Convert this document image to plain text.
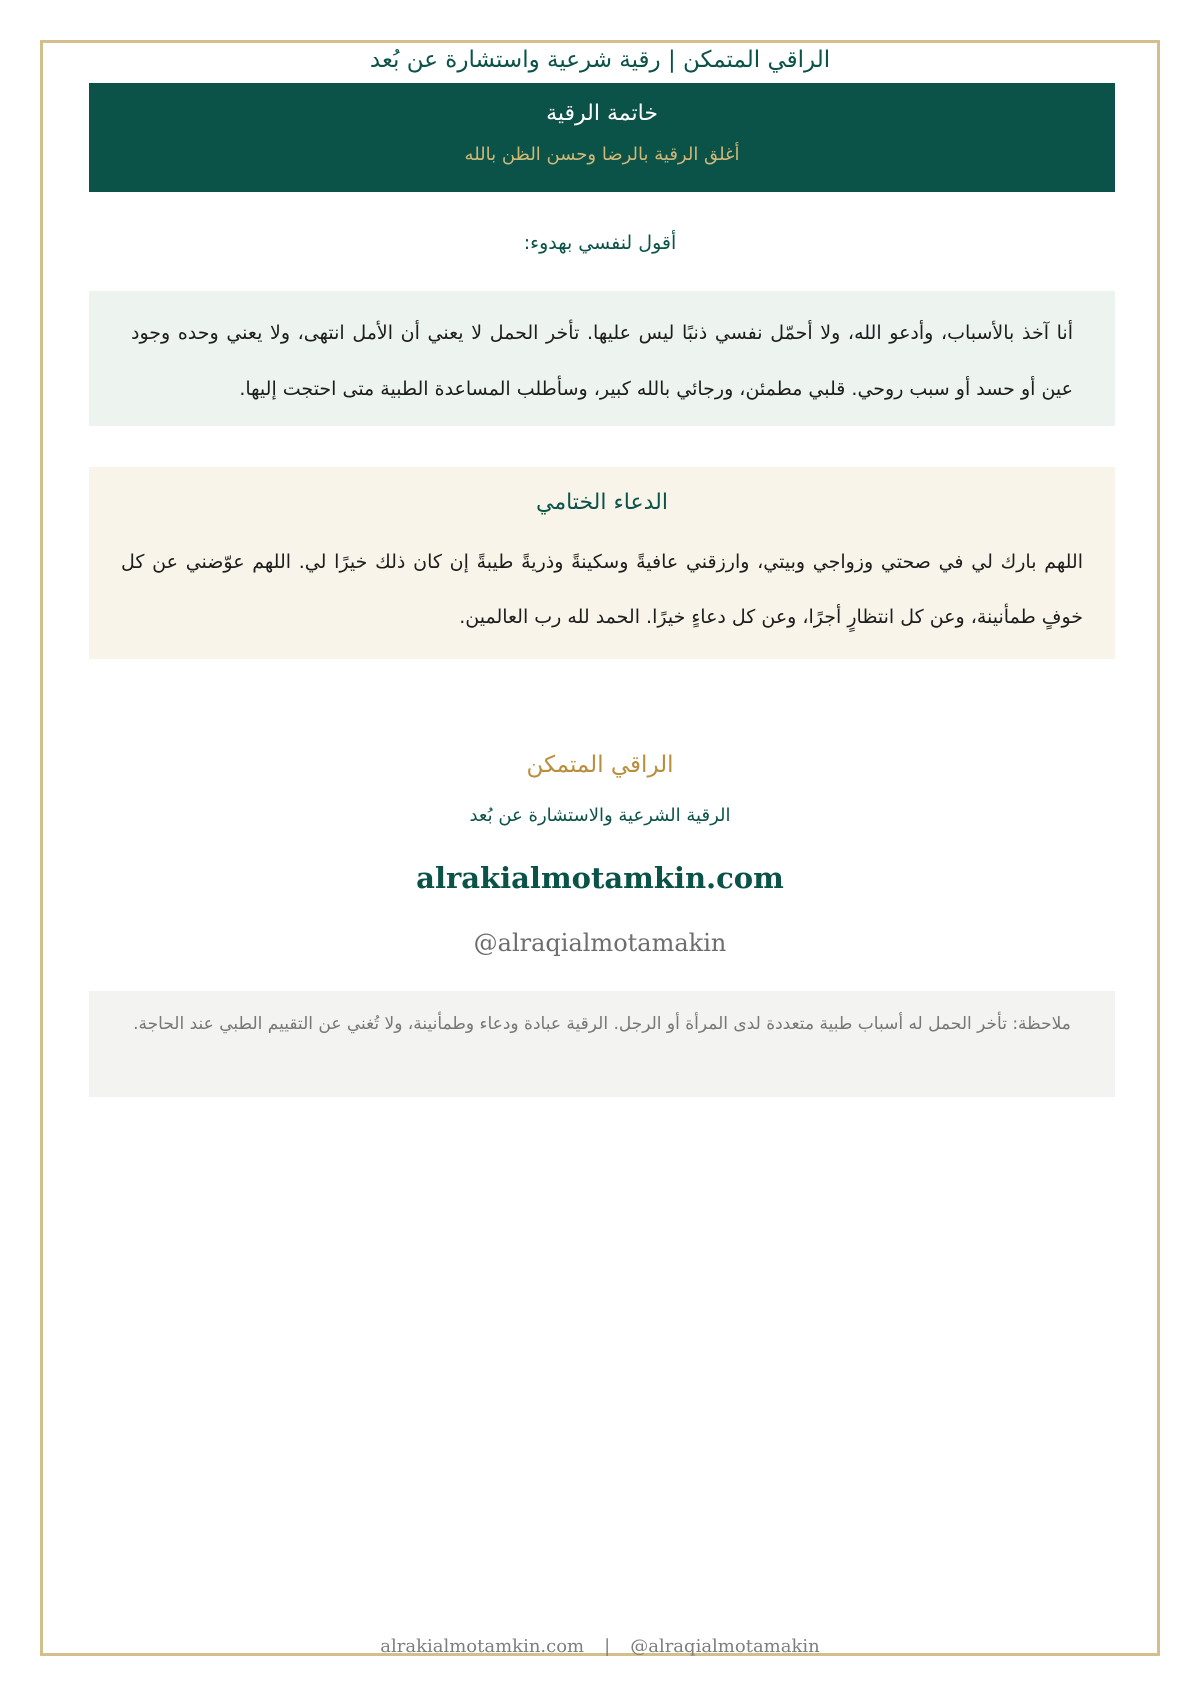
الراقي المتمكن | رقية شرعية واستشارة عن بُعد
خاتمة الرقية
أغلق الرقية بالرضا وحسن الظن بالله
أقول لنفسي بهدوء:
أنا آخذ بالأسباب، وأدعو الله، ولا أحمّل نفسي ذنبًا ليس عليها. تأخر الحمل لا يعني أن الأمل انتهى، ولا يعني وحده وجود عين أو حسد أو سبب روحي. قلبي مطمئن، ورجائي بالله كبير، وسأطلب المساعدة الطبية متى احتجت إليها.
الدعاء الختامي
اللهم بارك لي في صحتي وزواجي وبيتي، وارزقني عافيةً وسكينةً وذريةً طيبةً إن كان ذلك خيرًا لي. اللهم عوّضني عن كل خوفٍ طمأنينة، وعن كل انتظارٍ أجرًا، وعن كل دعاءٍ خيرًا. الحمد لله رب العالمين.
الراقي المتمكن
الرقية الشرعية والاستشارة عن بُعد
alrakialmotamkin.com
alraqialmotamakin@
ملاحظة: تأخر الحمل له أسباب طبية متعددة لدى المرأة أو الرجل. الرقية عبادة ودعاء وطمأنينة، ولا تُغني عن التقييم الطبي عند الحاجة.
alrakialmotamkin.com | @alraqialmotamakin
